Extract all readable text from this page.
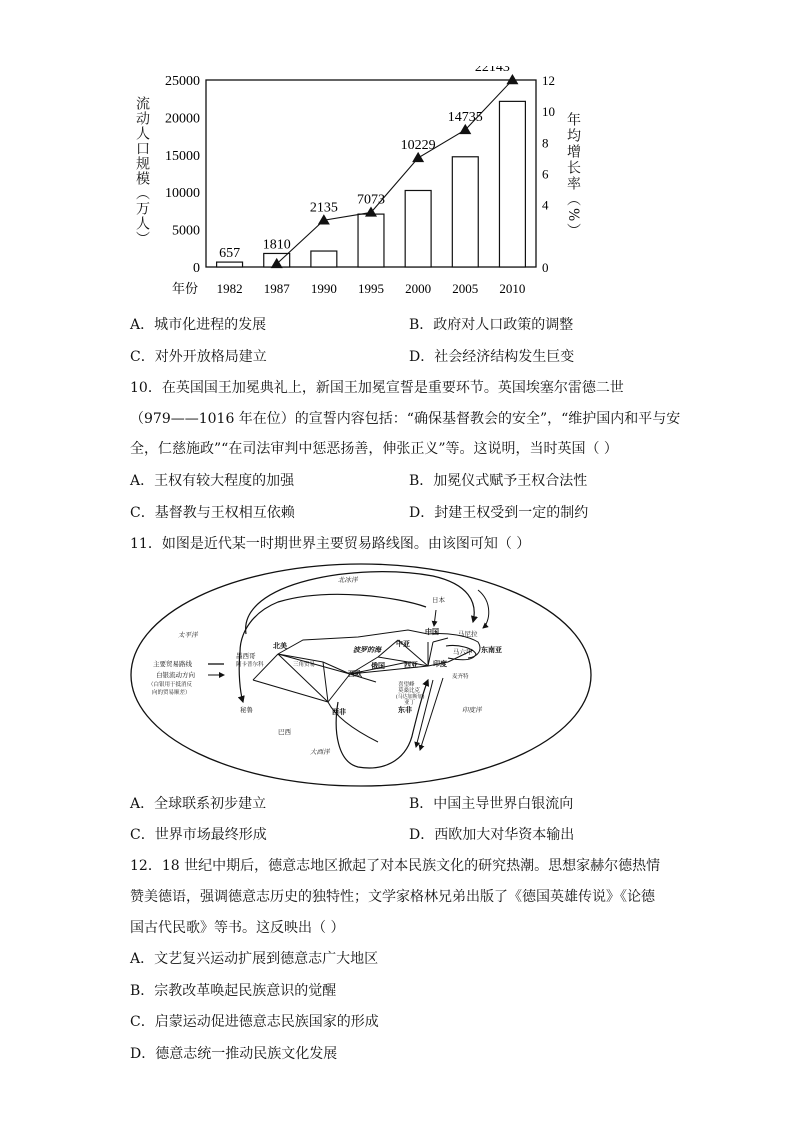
0
5000
10000
15000
20000
25000
0
4
6
8
10
12
年份 1982 1987 1990 1995 2000 2005 2010
657
1810
2135
7073
10229
14735
22143
流动人口规模（万人）	年均增长率（%）
A．城市化进程的发展	B．政府对人口政策的调整
C．对外开放格局建立	D．社会经济结构发生巨变
10．在英国国王加冕典礼上，新国王加冕宣誓是重要环节。英国埃塞尔雷德二世
（979——1016 年在位）的宣誓内容包括：“确保基督教会的安全”，“维护国内和平与安
全，仁慈施政”“在司法审判中惩恶扬善，伸张正义”等。这说明，当时英国（ ）
A．王权有较大程度的加强	B．加冕仪式赋予王权合法性
C．基督教与王权相互依赖	D．封建王权受到一定的制约
11．如图是近代某一时期世界主要贸易路线图。由该图可知（ ）
北冰洋
日本
太平洋	中国	马尼拉
北美	中亚
马六甲 东南亚
墨西哥
阿卡普尔科	三角贸易
波罗的海
俄国	西亚 印度
西欧
喜望峰
莫桑比克
(马达加斯加)
亚丁
麦齐特
秘鲁	西非	东非	印度洋
巴西
大西洋
主要贸易路线
白银流动方向
（白银用于抵消反
向的贸易顺差）
A．全球联系初步建立	B．中国主导世界白银流向
C．世界市场最终形成	D．西欧加大对华资本输出
12．18 世纪中期后，德意志地区掀起了对本民族文化的研究热潮。思想家赫尔德热情
赞美德语，强调德意志历史的独特性；文学家格林兄弟出版了《德国英雄传说》《论德
国古代民歌》等书。这反映出（ ）
A．文艺复兴运动扩展到德意志广大地区
B．宗教改革唤起民族意识的觉醒
C．启蒙运动促进德意志民族国家的形成
D．德意志统一推动民族文化发展
